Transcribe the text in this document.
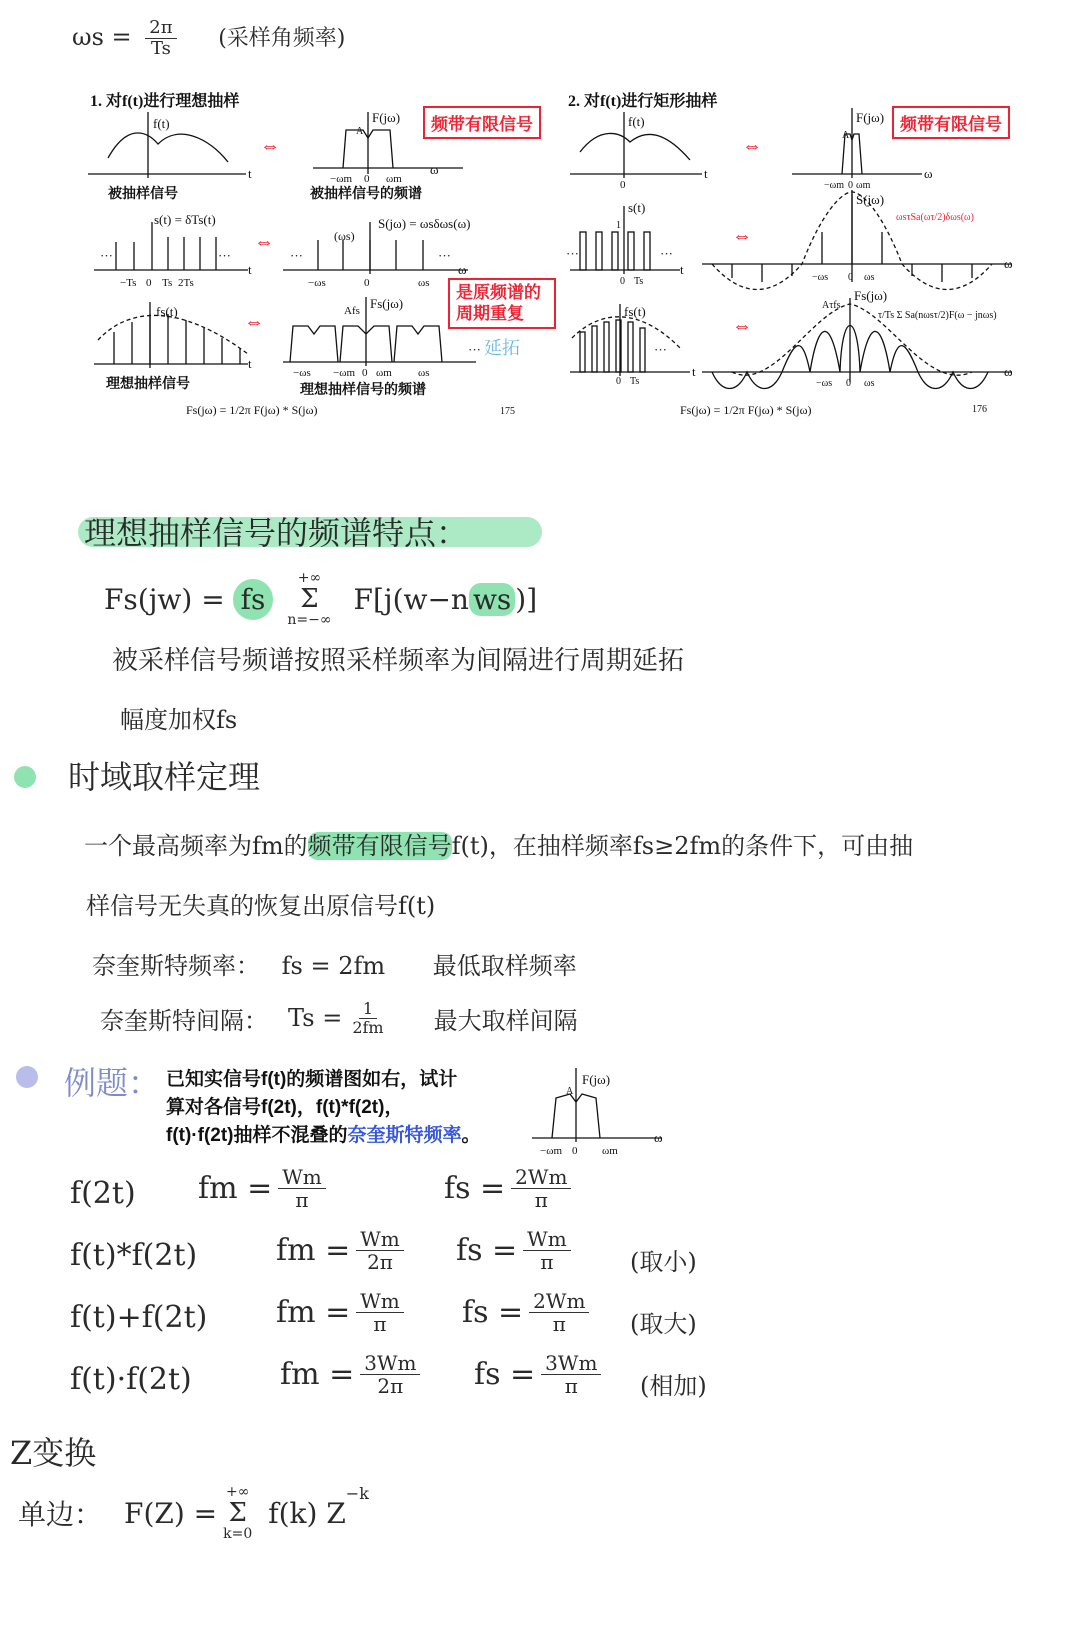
$\omega s = \frac{2\pi}{Ts}$ (采样角频率)
1. 对f(t)进行理想抽样
f(t)
t
F(jω)
A
−ωm 0 ωm
ω
被抽样信号	被抽样信号的频谱
s(t) = δTs(t)	S(jω) = ωsδωs(ω)
(ωs)
···	···	···	···
−Ts 0 Ts 2Ts
t
−ωs	0	ωs
ω
fs(t)
t
Fs(jω)
Afs
···
−ωs −ωm 0 ωm ωs
理想抽样信号	理想抽样信号的频谱
Fs(jω) = 1/2π F(jω) * S(jω)	175
⇔
⇔
⇔
延拓
频带有限信号
是原频谱的周期重复
2. 对f(t)进行矩形抽样
f(t)
t
0
F(jω)
A
−ωm 0 ωm
ω
s(t)
1
···	···
0 Ts
t
S(jω)
ωsτSa(ωτ/2)δωs(ω)
−ωs 0 ωs
ω
fs(t)
···
0 Ts
t
Fs(jω)
Aτfs
τ/Ts Σ Sa(nωsτ/2)F(ω − jnωs)
−ωs 0 ωs
ω
Fs(jω) = 1/2π F(jω) * S(jω)	176
⇔
⇔
⇔
频带有限信号
理想抽样信号的频谱特点：
Fs(jw) = fs
+∞
Σ
n=−∞
F[j(w−n ws )]
被采样信号频谱按照采样频率为间隔进行周期延拓
幅度加权fs
时域取样定理
一个最高频率为fm的频带有限信号f(t)，在抽样频率fs≥2fm的条件下，可由抽
样信号无失真的恢复出原信号f(t)
奈奎斯特频率： fs = 2fm 最低取样频率
奈奎斯特间隔： $Ts = \frac{1}{2fm}$ 最大取样间隔
例题： 已知实信号f(t)的频谱图如右，试计
算对各信号f(2t)，f(t)*f(2t)，
f(t)·f(2t)抽样不混叠的奈奎斯特频率。
F(jω)
A
−ωm 0 ωm
ω
f(2t) fm = $\frac{Wm}{\pi}$	fs = $\frac{2Wm}{\pi}$
f(t)*f(2t)	fm = $\frac{Wm}{2\pi}$ fs = $\frac{Wm}{\pi}$ (取小)
f(t)+f(2t) fm = $\frac{Wm}{\pi}$ fs = $\frac{2Wm}{\pi}$ (取大)
f(t)·f(2t)	fm = $\frac{3Wm}{2\pi}$ fs = $\frac{3Wm}{\pi}$ (相加)
Z变换
单边： F(Z) =
+∞
Σ
k=0
f(k) Z
$^{-k}$
